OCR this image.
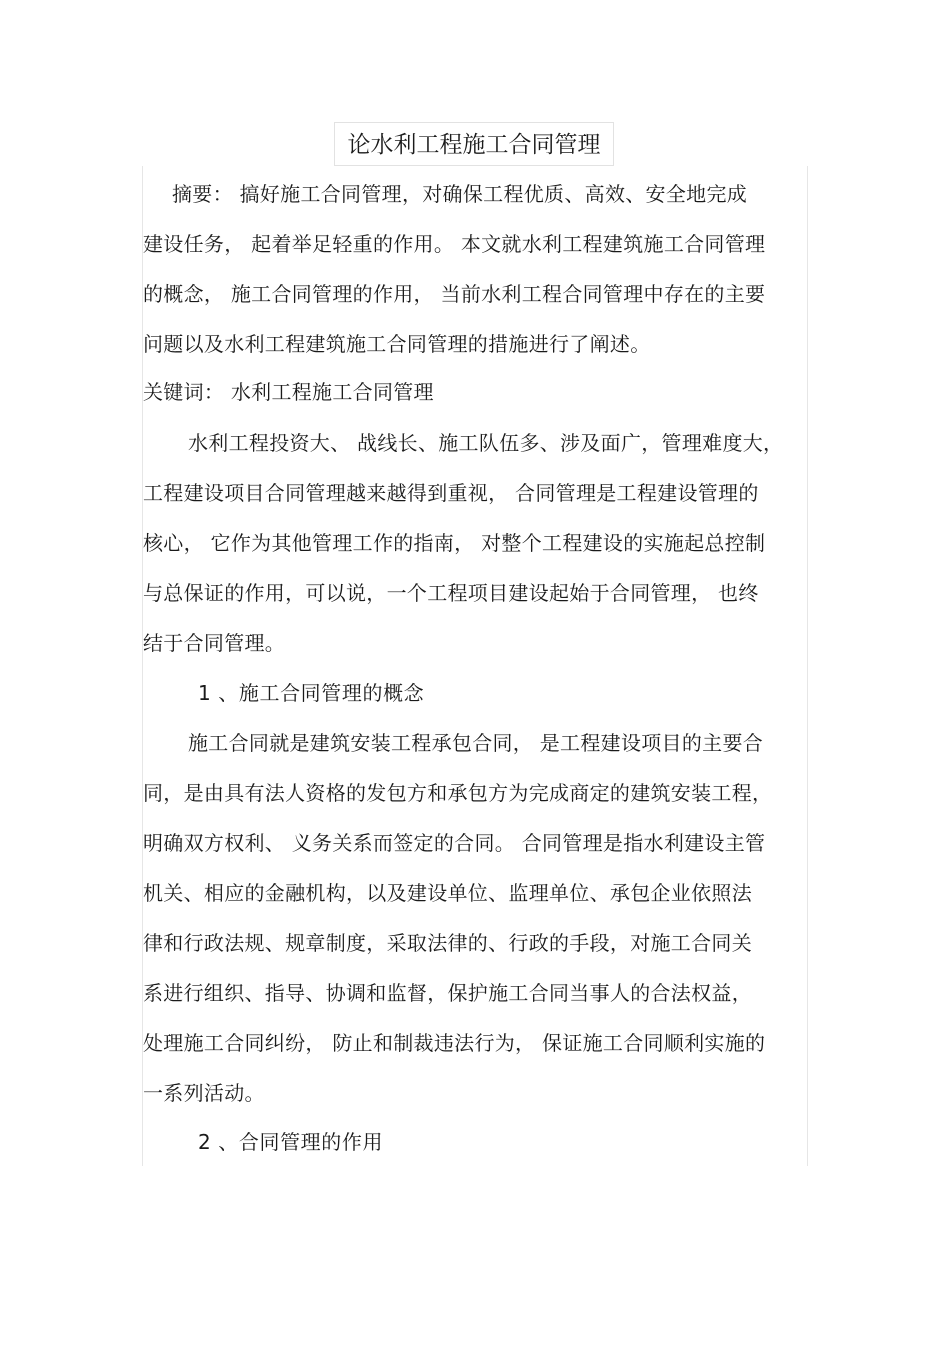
论水利工程施工合同管理
摘要： 搞好施工合同管理，对确保工程优质、高效、安全地完成
建设任务， 起着举足轻重的作用。 本文就水利工程建筑施工合同管理
的概念， 施工合同管理的作用， 当前水利工程合同管理中存在的主要
问题以及水利工程建筑施工合同管理的措施进行了阐述。
关键词： 水利工程施工合同管理
水利工程投资大、 战线长、施工队伍多、涉及面广，管理难度大，
工程建设项目合同管理越来越得到重视， 合同管理是工程建设管理的
核心， 它作为其他管理工作的指南， 对整个工程建设的实施起总控制
与总保证的作用，可以说，一个工程项目建设起始于合同管理， 也终
结于合同管理。
1 、施工合同管理的概念
施工合同就是建筑安装工程承包合同， 是工程建设项目的主要合
同，是由具有法人资格的发包方和承包方为完成商定的建筑安装工程，
明确双方权利、 义务关系而签定的合同。 合同管理是指水利建设主管
机关、相应的金融机构，以及建设单位、监理单位、承包企业依照法
律和行政法规、规章制度，采取法律的、行政的手段，对施工合同关
系进行组织、指导、协调和监督，保护施工合同当事人的合法权益，
处理施工合同纠纷， 防止和制裁违法行为， 保证施工合同顺利实施的
一系列活动。
2 、合同管理的作用
